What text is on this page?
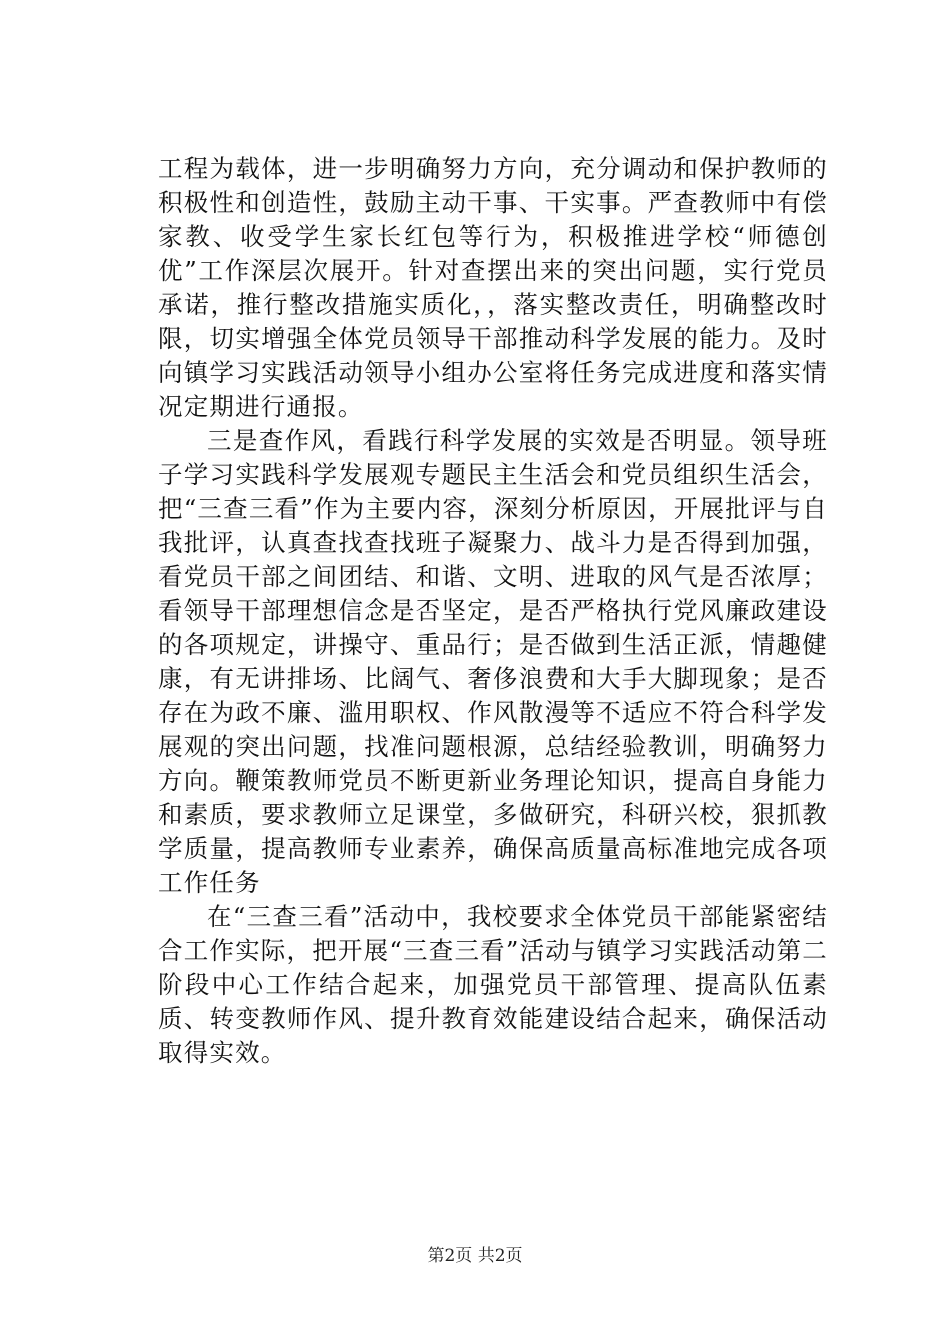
工程为载体，进一步明确努力方向，充分调动和保护教师的积极性和创造性，鼓励主动干事、干实事。严查教师中有偿家教、收受学生家长红包等行为，积极推进学校“师德创优”工作深层次展开。针对查摆出来的突出问题，实行党员承诺，推行整改措施实质化，，落实整改责任，明确整改时限，切实增强全体党员领导干部推动科学发展的能力。及时向镇学习实践活动领导小组办公室将任务完成进度和落实情况定期进行通报。

三是查作风，看践行科学发展的实效是否明显。领导班子学习实践科学发展观专题民主生活会和党员组织生活会，把“三查三看”作为主要内容，深刻分析原因，开展批评与自我批评，认真查找查找班子凝聚力、战斗力是否得到加强，看党员干部之间团结、和谐、文明、进取的风气是否浓厚；看领导干部理想信念是否坚定，是否严格执行党风廉政建设的各项规定，讲操守、重品行；是否做到生活正派，情趣健康，有无讲排场、比阔气、奢侈浪费和大手大脚现象；是否存在为政不廉、滥用职权、作风散漫等不适应不符合科学发展观的突出问题，找准问题根源，总结经验教训，明确努力方向。鞭策教师党员不断更新业务理论知识，提高自身能力和素质，要求教师立足课堂，多做研究，科研兴校，狠抓教学质量，提高教师专业素养，确保高质量高标准地完成各项工作任务

在“三查三看”活动中，我校要求全体党员干部能紧密结合工作实际，把开展“三查三看”活动与镇学习实践活动第二阶段中心工作结合起来，加强党员干部管理、提高队伍素质、转变教师作风、提升教育效能建设结合起来，确保活动取得实效。

第2页 共2页
